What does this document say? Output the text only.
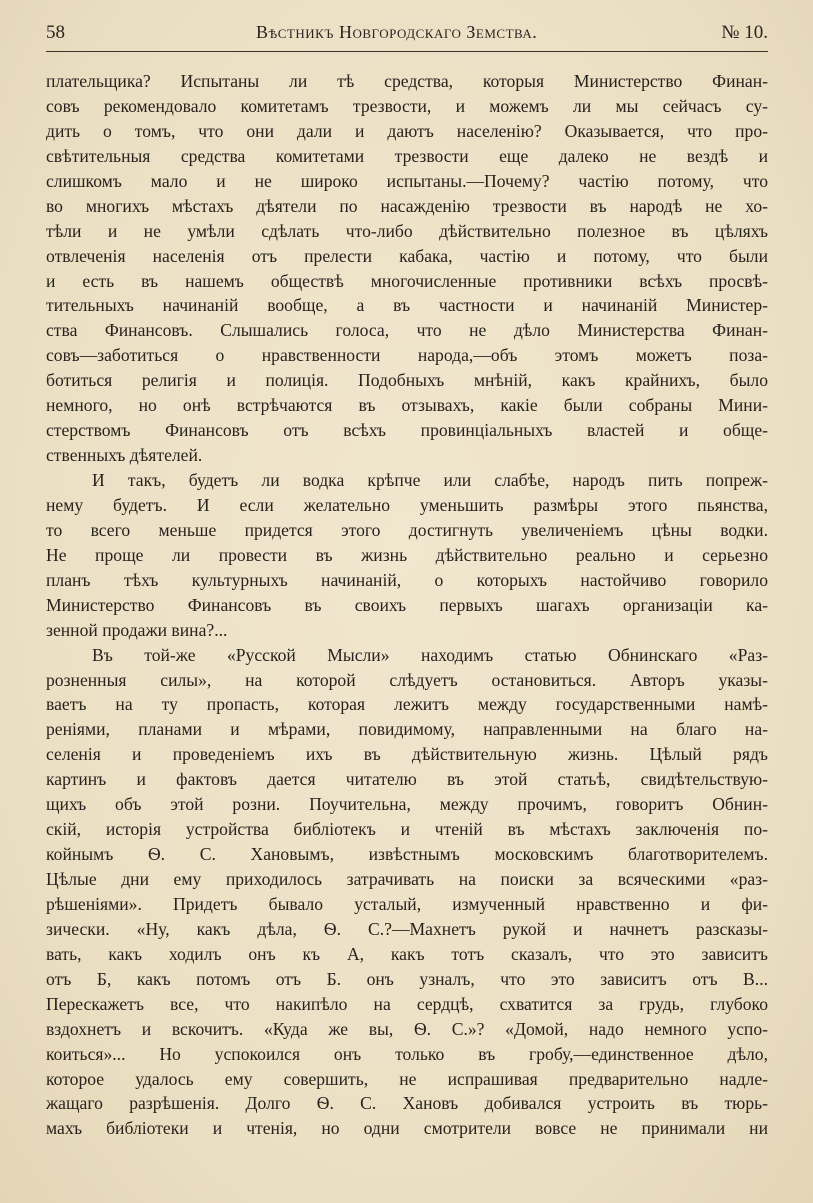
58	Вѣстникъ Новгородскаго Земства.	№ 10.
плательщика? Испытаны ли тѣ средства, которыя Министерство Финан-
совъ рекомендовало комитетамъ трезвости, и можемъ ли мы сейчасъ су-
дить о томъ, что они дали и даютъ населенію? Оказывается, что про-
свѣтительныя средства комитетами трезвости еще далеко не вездѣ и
слишкомъ мало и не широко испытаны.—Почему? частію потому, что
во многихъ мѣстахъ дѣятели по насажденію трезвости въ народѣ не хо-
тѣли и не умѣли сдѣлать что-либо дѣйствительно полезное въ цѣляхъ
отвлеченія населенія отъ прелести кабака, частію и потому, что были
и есть въ нашемъ обществѣ многочисленные противники всѣхъ просвѣ-
тительныхъ начинаній вообще, а въ частности и начинаній Министер-
ства Финансовъ. Слышались голоса, что не дѣло Министерства Финан-
совъ—заботиться о нравственности народа,—объ этомъ можетъ поза-
ботиться религія и полиція. Подобныхъ мнѣній, какъ крайнихъ, было
немного, но онѣ встрѣчаются въ отзывахъ, какіе были собраны Мини-
стерствомъ Финансовъ отъ всѣхъ провинціальныхъ властей и обще-
ственныхъ дѣятелей.
И такъ, будетъ ли водка крѣпче или слабѣе, народъ пить попреж-
нему будетъ. И если желательно уменьшить размѣры этого пьянства,
то всего меньше придется этого достигнуть увеличеніемъ цѣны водки.
Не проще ли провести въ жизнь дѣйствительно реально и серьезно
планъ тѣхъ культурныхъ начинаній, о которыхъ настойчиво говорило
Министерство Финансовъ въ своихъ первыхъ шагахъ организаціи ка-
зенной продажи вина?...
Въ той-же «Русской Мысли» находимъ статью Обнинскаго «Раз-
розненныя силы», на которой слѣдуетъ остановиться. Авторъ указы-
ваетъ на ту пропасть, которая лежитъ между государственными намѣ-
реніями, планами и мѣрами, повидимому, направленными на благо на-
селенія и проведеніемъ ихъ въ дѣйствительную жизнь. Цѣлый рядъ
картинъ и фактовъ дается читателю въ этой статьѣ, свидѣтельствую-
щихъ объ этой розни. Поучительна, между прочимъ, говоритъ Обнин-
скій, исторія устройства библіотекъ и чтеній въ мѣстахъ заключенія по-
койнымъ Ѳ. С. Хановымъ, извѣстнымъ московскимъ благотворителемъ.
Цѣлые дни ему приходилось затрачивать на поиски за всяческими «раз-
рѣшеніями». Придетъ бывало усталый, измученный нравственно и фи-
зически. «Ну, какъ дѣла, Ѳ. С.?—Махнетъ рукой и начнетъ разсказы-
вать, какъ ходилъ онъ къ А, какъ тотъ сказалъ, что это зависитъ
отъ Б, какъ потомъ отъ Б. онъ узналъ, что это зависитъ отъ В...
Перескажетъ все, что накипѣло на сердцѣ, схватится за грудь, глубоко
вздохнетъ и вскочитъ. «Куда же вы, Ѳ. С.»? «Домой, надо немного успо-
коиться»... Но успокоился онъ только въ гробу,—единственное дѣло,
которое удалось ему совершить, не испрашивая предварительно надле-
жащаго разрѣшенія. Долго Ѳ. С. Хановъ добивался устроить въ тюрь-
махъ библіотеки и чтенія, но одни смотрители вовсе не принимали ни
